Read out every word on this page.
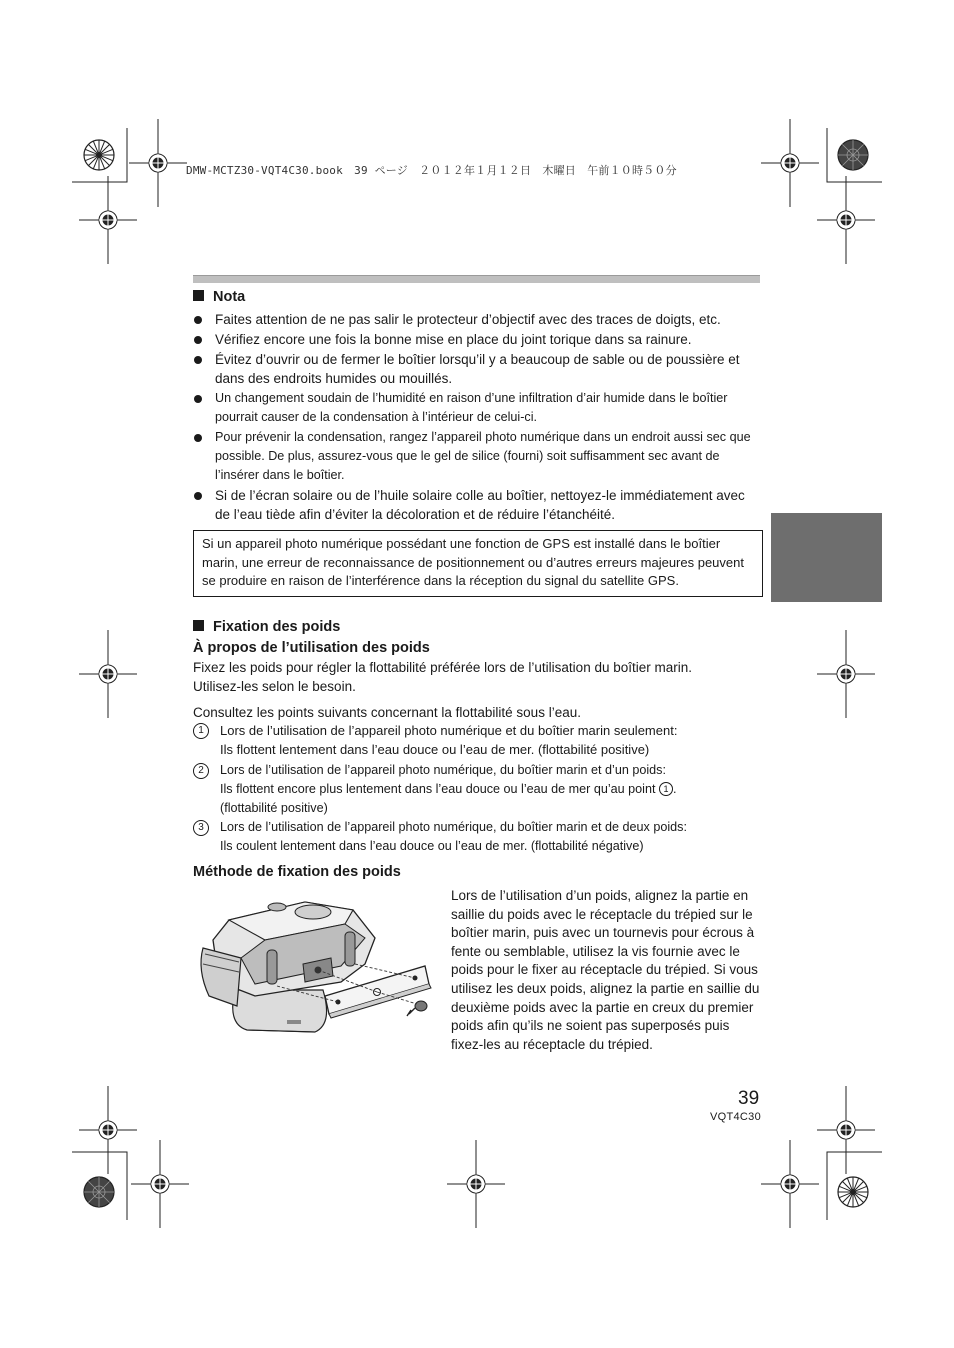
DMW-MCTZ30-VQT4C30.book　39 ページ　２０１２年１月１２日　木曜日　午前１０時５０分
Nota
Faites attention de ne pas salir le protecteur d’objectif avec des traces de doigts, etc.
Vérifiez encore une fois la bonne mise en place du joint torique dans sa rainure.
Évitez d’ouvrir ou de fermer le boîtier lorsqu’il y a beaucoup de sable ou de poussière et dans des endroits humides ou mouillés.
Un changement soudain de l’humidité en raison d’une infiltration d’air humide dans le boîtier pourrait causer de la condensation à l’intérieur de celui-ci.
Pour prévenir la condensation, rangez l’appareil photo numérique dans un endroit aussi sec que possible. De plus, assurez-vous que le gel de silice (fourni) soit suffisamment sec avant de l’insérer dans le boîtier.
Si de l’écran solaire ou de l’huile solaire colle au boîtier, nettoyez-le immédiatement avec de l’eau tiède afin d’éviter la décoloration et de réduire l’étanchéité.
Si un appareil photo numérique possédant une fonction de GPS est installé dans le boîtier marin, une erreur de reconnaissance de positionnement ou d’autres erreurs majeures peuvent se produire en raison de l’interférence dans la réception du signal du satellite GPS.
Fixation des poids
À propos de l’utilisation des poids
Fixez les poids pour régler la flottabilité préférée lors de l’utilisation du boîtier marin.
Utilisez-les selon le besoin.
Consultez les points suivants concernant la flottabilité sous l’eau.
1	Lors de l’utilisation de l’appareil photo numérique et du boîtier marin seulement:
Ils flottent lentement dans l’eau douce ou l’eau de mer. (flottabilité positive)
2	Lors de l’utilisation de l’appareil photo numérique, du boîtier marin et d’un poids:
Ils flottent encore plus lentement dans l’eau douce ou l’eau de mer qu’au point 1 .
(flottabilité positive)
3	Lors de l’utilisation de l’appareil photo numérique, du boîtier marin et de deux poids:
Ils coulent lentement dans l’eau douce ou l’eau de mer. (flottabilité négative)
Méthode de fixation des poids
Lors de l’utilisation d’un poids, alignez la partie en saillie du poids avec le réceptacle du trépied sur le boîtier marin, puis avec un tournevis pour écrous à fente ou semblable, utilisez la vis fournie avec le poids pour le fixer au réceptacle du trépied. Si vous utilisez les deux poids, alignez la partie en saillie du deuxième poids avec la partie en creux du premier poids afin qu’ils ne soient pas superposés puis fixez-les au réceptacle du trépied.
39
VQT4C30
